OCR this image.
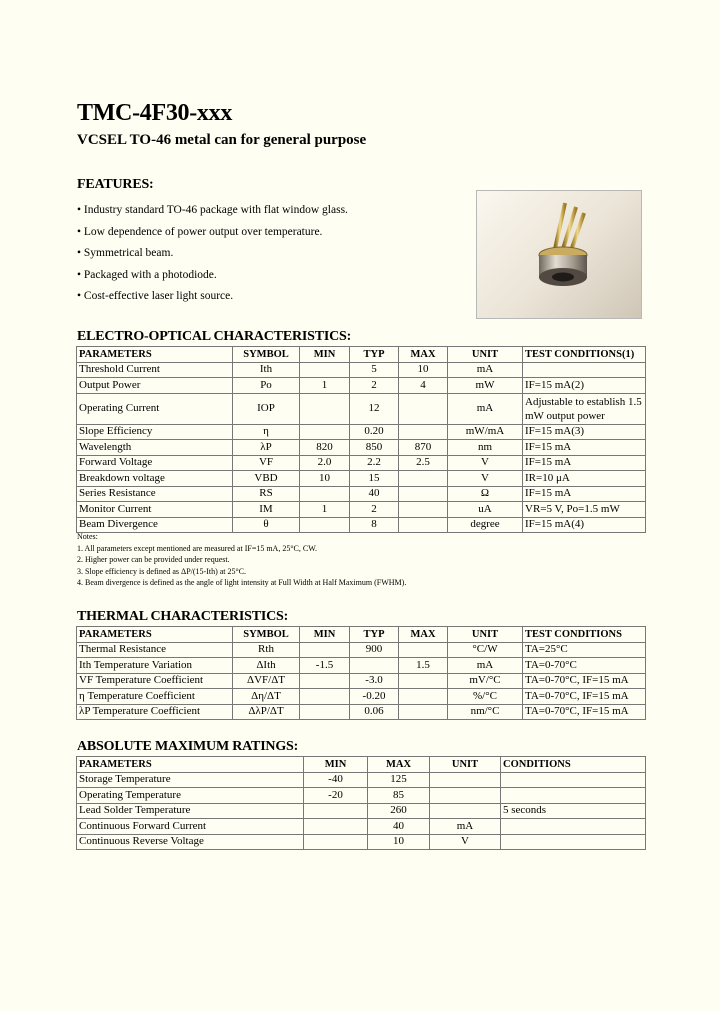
TMC-4F30-xxx
VCSEL TO-46 metal can for general purpose
FEATURES:
• Industry standard TO-46 package with flat window glass.
• Low dependence of power output over temperature.
• Symmetrical beam.
• Packaged with a photodiode.
• Cost-effective laser light source.
ELECTRO-OPTICAL CHARACTERISTICS:
PARAMETERS	SYMBOL	MIN	TYP	MAX	UNIT	TEST CONDITIONS(1)
Threshold Current	Ith		5	10	mA	
Output Power	Po	1	2	4	mW	IF=15 mA(2)
Operating Current	IOP		12		mA	Adjustable to establish 1.5 mW output power
Slope Efficiency	η		0.20		mW/mA	IF=15 mA(3)
Wavelength	λP	820	850	870	nm	IF=15 mA
Forward Voltage	VF	2.0	2.2	2.5	V	IF=15 mA
Breakdown voltage	VBD	10	15		V	IR=10 μA
Series Resistance	RS		40		Ω	IF=15 mA
Monitor Current	IM	1	2		uA	VR=5 V, Po=1.5 mW
Beam Divergence	θ		8		degree	IF=15 mA(4)
Notes:
1. All parameters except mentioned are measured at IF=15 mA, 25°C, CW.
2. Higher power can be provided under request.
3. Slope efficiency is defined as ΔP/(15-Ith) at 25°C.
4. Beam divergence is defined as the angle of light intensity at Full Width at Half Maximum (FWHM).
THERMAL CHARACTERISTICS:
PARAMETERS	SYMBOL	MIN	TYP	MAX	UNIT	TEST CONDITIONS
Thermal Resistance	Rth		900		°C/W	TA=25°C
Ith Temperature Variation	ΔIth	-1.5		1.5	mA	TA=0-70°C
VF Temperature Coefficient	ΔVF/ΔT		-3.0		mV/°C	TA=0-70°C, IF=15 mA
η Temperature Coefficient	Δη/ΔT		-0.20		%/°C	TA=0-70°C, IF=15 mA
λP Temperature Coefficient	ΔλP/ΔT		0.06		nm/°C	TA=0-70°C, IF=15 mA
ABSOLUTE MAXIMUM RATINGS:
PARAMETERS	MIN	MAX	UNIT	CONDITIONS
Storage Temperature	-40	125		
Operating Temperature	-20	85		
Lead Solder Temperature		260		5 seconds
Continuous Forward Current		40	mA	
Continuous Reverse Voltage		10	V	
